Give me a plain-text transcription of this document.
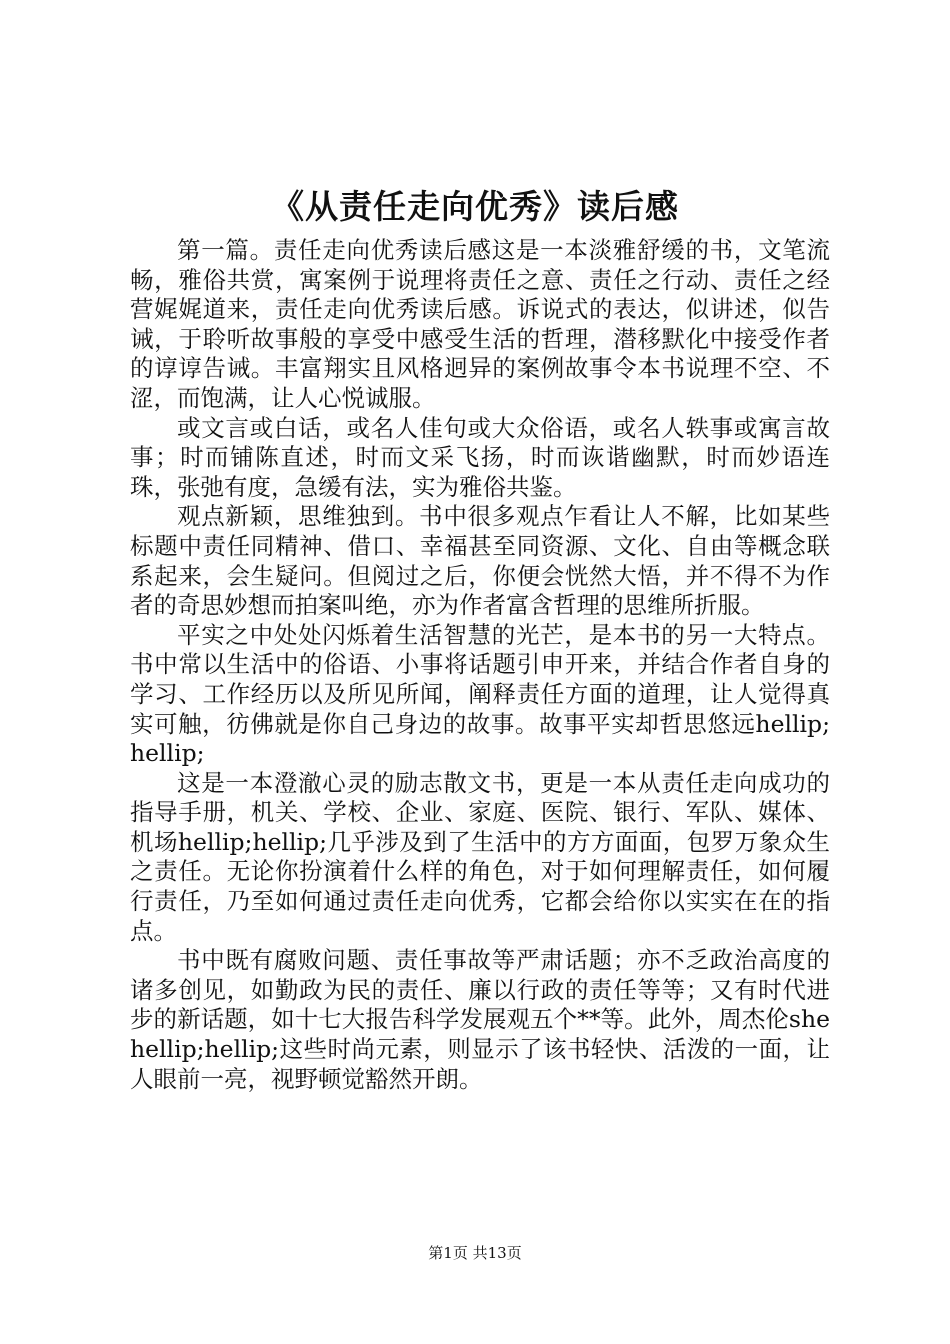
《从责任走向优秀》读后感

第一篇。责任走向优秀读后感这是一本淡雅舒缓的书，文笔流畅，雅俗共赏，寓案例于说理将责任之意、责任之行动、责任之经营娓娓道来，责任走向优秀读后感。诉说式的表达，似讲述，似告诫，于聆听故事般的享受中感受生活的哲理，潜移默化中接受作者的谆谆告诫。丰富翔实且风格迥异的案例故事令本书说理不空、不涩，而饱满，让人心悦诚服。

或文言或白话，或名人佳句或大众俗语，或名人轶事或寓言故事；时而铺陈直述，时而文采飞扬，时而诙谐幽默，时而妙语连珠，张弛有度，急缓有法，实为雅俗共鉴。

观点新颖，思维独到。书中很多观点乍看让人不解，比如某些标题中责任同精神、借口、幸福甚至同资源、文化、自由等概念联系起来，会生疑问。但阅过之后，你便会恍然大悟，并不得不为作者的奇思妙想而拍案叫绝，亦为作者富含哲理的思维所折服。

平实之中处处闪烁着生活智慧的光芒，是本书的另一大特点。书中常以生活中的俗语、小事将话题引申开来，并结合作者自身的学习、工作经历以及所见所闻，阐释责任方面的道理，让人觉得真实可触，彷佛就是你自己身边的故事。故事平实却哲思悠远hellip;hellip;

这是一本澄澈心灵的励志散文书，更是一本从责任走向成功的指导手册，机关、学校、企业、家庭、医院、银行、军队、媒体、机场hellip;hellip;几乎涉及到了生活中的方方面面，包罗万象众生之责任。无论你扮演着什么样的角色，对于如何理解责任，如何履行责任，乃至如何通过责任走向优秀，它都会给你以实实在在的指点。

书中既有腐败问题、责任事故等严肃话题；亦不乏政治高度的诸多创见，如勤政为民的责任、廉以行政的责任等等；又有时代进步的新话题，如十七大报告科学发展观五个**等。此外，周杰伦shehellip;hellip;这些时尚元素，则显示了该书轻快、活泼的一面，让人眼前一亮，视野顿觉豁然开朗。

第1页 共13页
